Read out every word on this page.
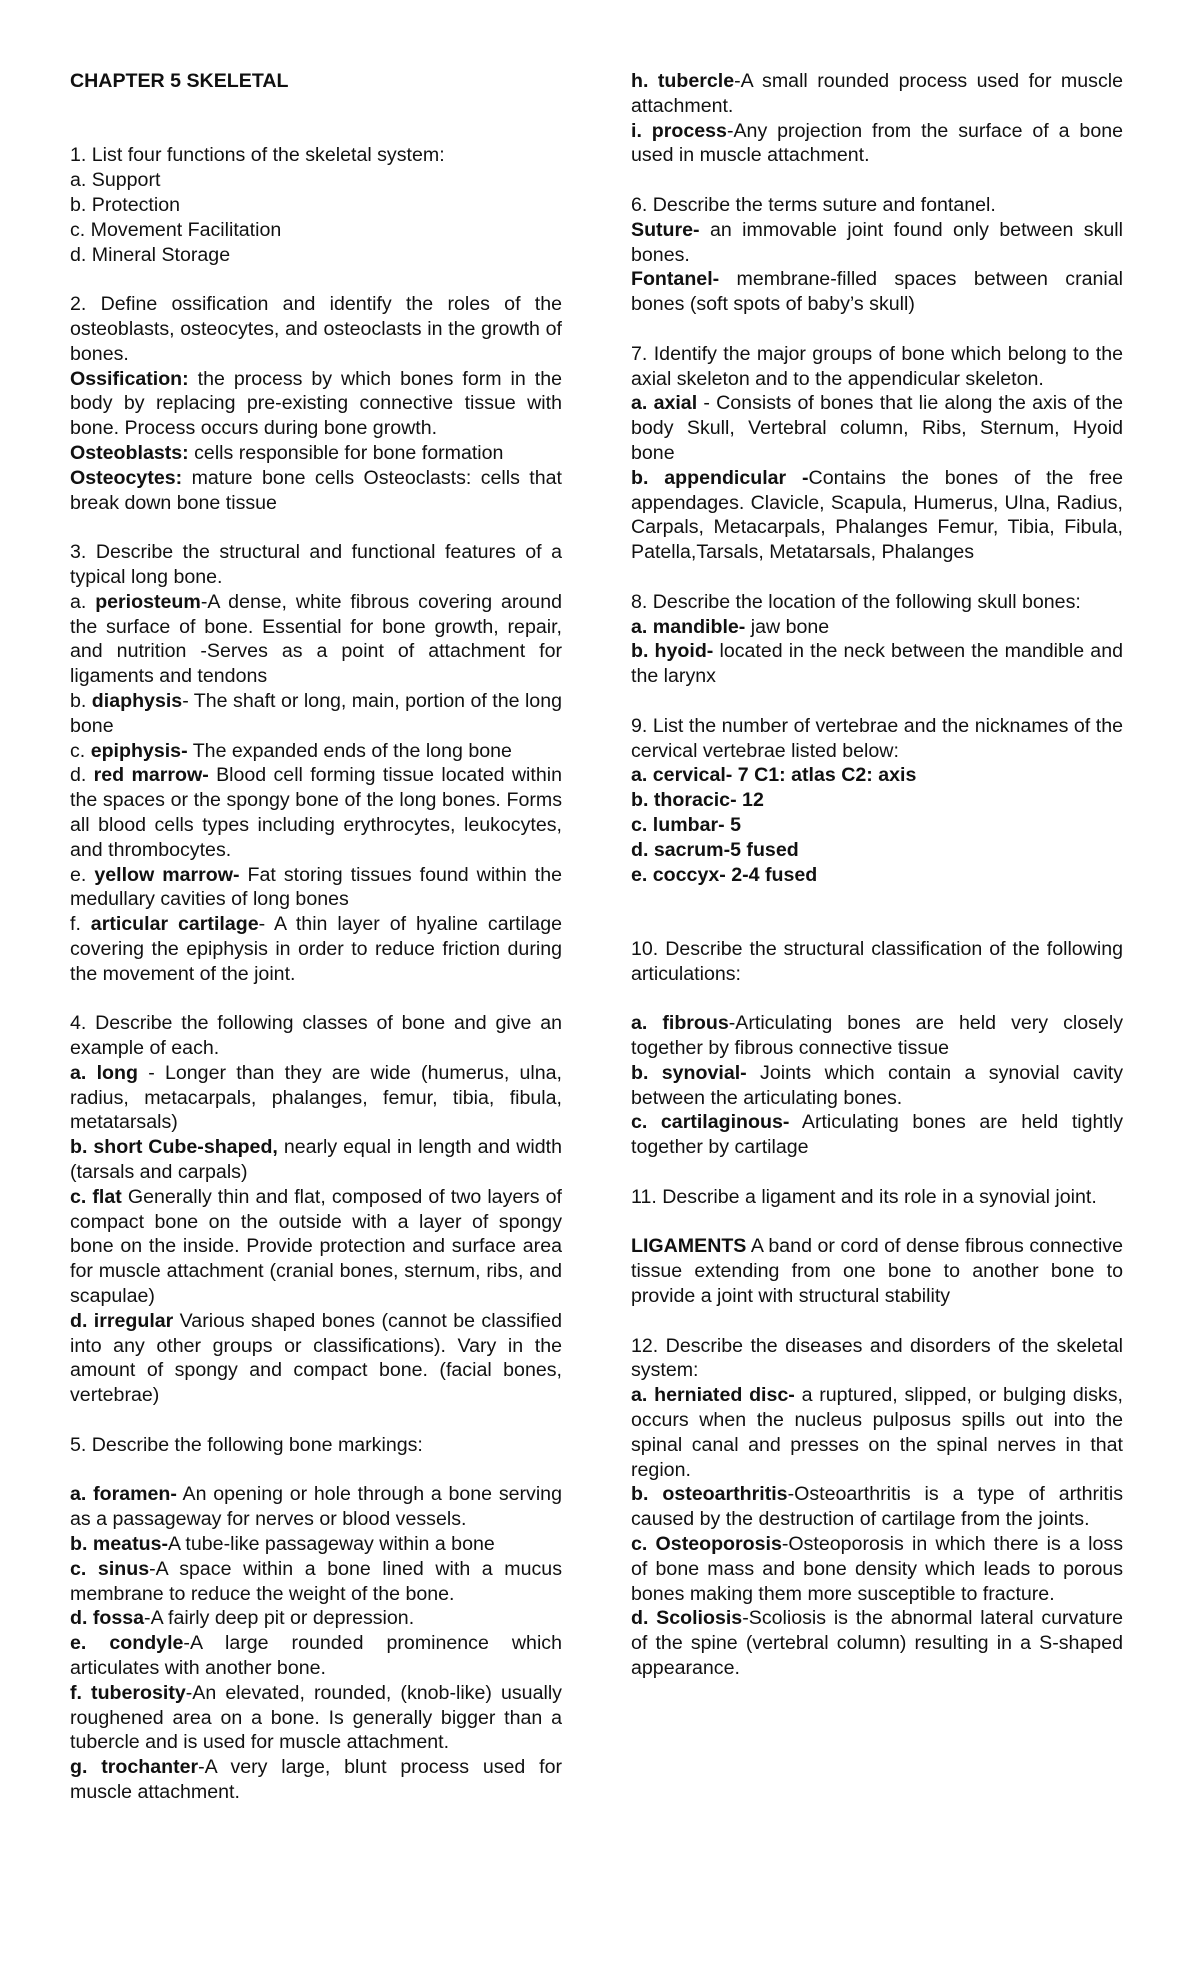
CHAPTER 5 SKELETAL

1. List four functions of the skeletal system:

a. Support

b. Protection

c. Movement Facilitation

d. Mineral Storage

2. Define ossification and identify the roles of the osteoblasts, osteocytes, and osteoclasts in the growth of bones.

Ossification: the process by which bones form in the body by replacing pre-existing connective tissue with bone. Process occurs during bone growth.

Osteoblasts: cells responsible for bone formation

Osteocytes: mature bone cells Osteoclasts: cells that break down bone tissue

3. Describe the structural and functional features of a typical long bone.

a. periosteum-A dense, white fibrous covering around the surface of bone. Essential for bone growth, repair, and nutrition -Serves as a point of attachment for ligaments and tendons

b. diaphysis- The shaft or long, main, portion of the long bone

c. epiphysis- The expanded ends of the long bone

d. red marrow- Blood cell forming tissue located within the spaces or the spongy bone of the long bones. Forms all blood cells types including erythrocytes, leukocytes, and thrombocytes.

e. yellow marrow- Fat storing tissues found within the medullary cavities of long bones

f. articular cartilage- A thin layer of hyaline cartilage covering the epiphysis in order to reduce friction during the movement of the joint.

4. Describe the following classes of bone and give an example of each.

a. long - Longer than they are wide (humerus, ulna, radius, metacarpals, phalanges, femur, tibia, fibula, metatarsals)

b. short Cube-shaped, nearly equal in length and width (tarsals and carpals)

c. flat Generally thin and flat, composed of two layers of compact bone on the outside with a layer of spongy bone on the inside. Provide protection and surface area for muscle attachment (cranial bones, sternum, ribs, and scapulae)

d. irregular Various shaped bones (cannot be classified into any other groups or classifications). Vary in the amount of spongy and compact bone. (facial bones, vertebrae)

5. Describe the following bone markings:

a. foramen- An opening or hole through a bone serving as a passageway for nerves or blood vessels.

b. meatus-A tube-like passageway within a bone

c. sinus-A space within a bone lined with a mucus membrane to reduce the weight of the bone.

d. fossa-A fairly deep pit or depression.

e. condyle-A large rounded prominence which articulates with another bone.

f. tuberosity-An elevated, rounded, (knob-like) usually roughened area on a bone. Is generally bigger than a tubercle and is used for muscle attachment.

g. trochanter-A very large, blunt process used for muscle attachment.

h. tubercle-A small rounded process used for muscle attachment.

i. process-Any projection from the surface of a bone used in muscle attachment.

6. Describe the terms suture and fontanel.

Suture- an immovable joint found only between skull bones.

Fontanel- membrane-filled spaces between cranial bones (soft spots of baby’s skull)

7. Identify the major groups of bone which belong to the axial skeleton and to the appendicular skeleton.

a. axial - Consists of bones that lie along the axis of the body Skull, Vertebral column, Ribs, Sternum, Hyoid bone

b. appendicular -Contains the bones of the free appendages. Clavicle, Scapula, Humerus, Ulna, Radius, Carpals, Metacarpals, Phalanges Femur, Tibia, Fibula, Patella,Tarsals, Metatarsals, Phalanges

8. Describe the location of the following skull bones:

a. mandible- jaw bone

b. hyoid- located in the neck between the mandible and the larynx

9. List the number of vertebrae and the nicknames of the cervical vertebrae listed below:

a. cervical- 7 C1: atlas C2: axis

b. thoracic- 12

c. lumbar- 5

d. sacrum-5 fused

e. coccyx- 2-4 fused

10. Describe the structural classification of the following articulations:

a. fibrous-Articulating bones are held very closely together by fibrous connective tissue

b. synovial- Joints which contain a synovial cavity between the articulating bones.

c. cartilaginous- Articulating bones are held tightly together by cartilage

11. Describe a ligament and its role in a synovial joint.

LIGAMENTS A band or cord of dense fibrous connective tissue extending from one bone to another bone to provide a joint with structural stability

12. Describe the diseases and disorders of the skeletal system:

a. herniated disc- a ruptured, slipped, or bulging disks, occurs when the nucleus pulposus spills out into the spinal canal and presses on the spinal nerves in that region.

b. osteoarthritis-Osteoarthritis is a type of arthritis caused by the destruction of cartilage from the joints.

c. Osteoporosis-Osteoporosis in which there is a loss of bone mass and bone density which leads to porous bones making them more susceptible to fracture.

d. Scoliosis-Scoliosis is the abnormal lateral curvature of the spine (vertebral column) resulting in a S-shaped appearance.
